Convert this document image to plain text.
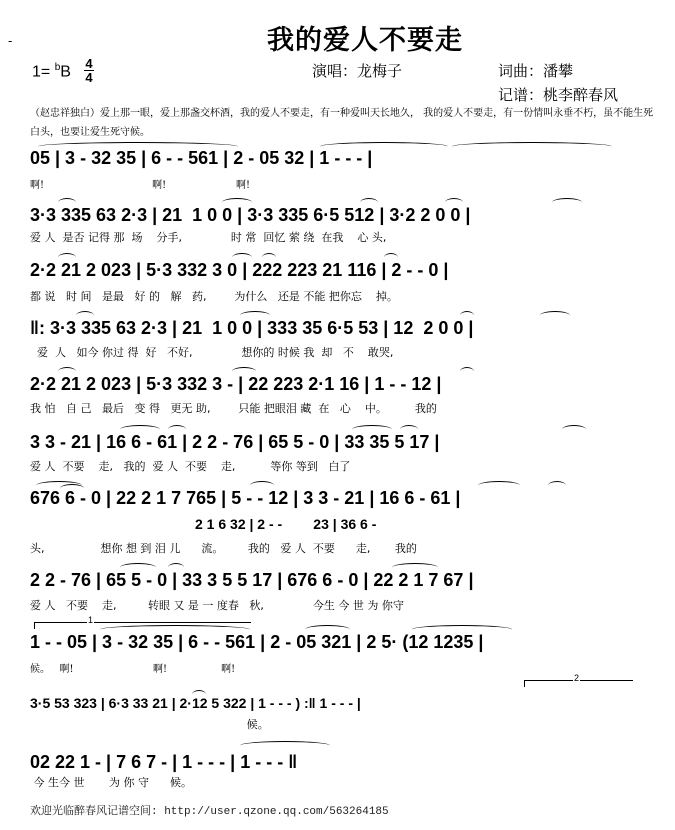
-	我的爱人不要走
1= $^b$B 4
4	演唱：龙梅子	词曲：潘攀
记谱：桃李醉春风
（赵忠祥独白）爱上那一眼，爱上那盏交杯酒，我的爱人不要走，有一种爱叫天长地久， 我的爱人不要走，有一份情叫永垂不朽，虽不能生死白头，也要让爱生死守候。
05 | 3 - 32 35 | 6 - - 561 | 2 - 05 32 | 1 - - - |
啊!                                  啊!                      啊!
3·3 335 63 2·3 | 21  1 0 0 | 3·3 335 6·5 512 | 3·2 2 0 0 |
爱 人  是否 记得 那  场    分手,              时 常  回忆 萦 绕  在我    心 头,
2·2 21 2 023 | 5·3 332 3 0 | 222 223 21 116 | 2 - - 0 |
都 说   时 间   是最   好 的   解   药,        为什么   还是 不能 把你忘    掉。
‖: 3·3 335 63 2·3 | 21  1 0 0 | 333 35 6·5 53 | 12  2 0 0 |
爱  人   如今 你过 得  好   不好,              想你的 时候 我  却   不    敢哭,
2·2 21 2 023 | 5·3 332 3 - | 22 223 2·1 16 | 1 - - 12 |
我 怕   自 己   最后   变 得   更无 助,        只能 把眼泪 藏  在   心    中。        我的
3 3 - 21 | 16 6 - 61 | 2 2 - 76 | 65 5 - 0 | 33 35 5 17 |
爱 人  不要    走,   我的  爱 人  不要    走,          等你 等到   白了
676 6 - 0 | 22 2 1 7 765 | 5 - - 12 | 3 3 - 21 | 16 6 - 61 |
2 1 6 32 | 2 - -        23 | 36 6 -
头,                想你 想 到 泪 儿      流。       我的   爱 人  不要      走,       我的
2 2 - 76 | 65 5 - 0 | 33 3 5 5 17 | 676 6 - 0 | 22 2 1 7 67 |
爱 人   不要    走,         转眼 又 是 一 度春   秋,              今生 今 世 为 你守
1
1 - - 05 | 3 - 32 35 | 6 - - 561 | 2 - 05 321 | 2 5· (12 1235 |
候。   啊!                         啊!                 啊!
2
3·5 53 323 | 6·3 33 21 | 2·12 5 322 | 1 - - - ) :‖ 1 - - - |
候。
02 22 1 - | 7 6 7 - | 1 - - - | 1 - - - ‖
今 生今 世       为 你 守      候。
欢迎光临醉春风记谱空间: http://user.qzone.qq.com/563264185
